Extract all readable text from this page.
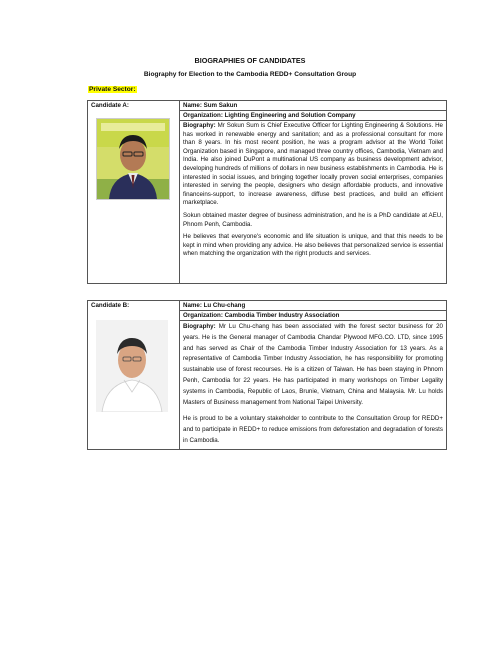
BIOGRAPHIES OF CANDIDATES
Biography for Election to the Cambodia REDD+ Consultation Group
Private Sector:
Candidate A:	Name: Sum Sakun
Organization: Lighting Engineering and Solution Company

Biography: Mr Sokun Sum is Chief Executive Officer for Lighting Engineering & Solutions. He has worked in renewable energy and sanitation; and as a professional consultant for more than 8 years. In his most recent position, he was a program advisor at the World Toilet Organization based in Singapore, and managed three country offices, Cambodia, Vietnam and India. He also joined DuPont a multinational US company as business development advisor, developing hundreds of millions of dollars in new business establishments in Cambodia. He is interested in social issues, and bringing together locally proven social enterprises, companies interested in serving the people, designers who design affordable products, and innovative financeins-support, to increase awareness, diffuse best practices, and build an efficient marketplace.

Sokun obtained master degree of business administration, and he is a PhD candidate at AEU, Phnom Penh, Cambodia.

He believes that everyone's economic and life situation is unique, and that this needs to be kept in mind when providing any advice. He also believes that personalized service is essential when matching the organization with the right products and services.

Candidate B:	Name: Lu Chu-chang
Organization: Cambodia Timber Industry Association

Biography: Mr Lu Chu-chang has been associated with the forest sector business for 20 years. He is the General manager of Cambodia Chandar Plywood MFG.CO. LTD, since 1995 and has served as Chair of the Cambodia Timber Industry Association for 13 years. As a representative of Cambodia Timber Industry Association, he has responsibility for promoting sustainable use of forest recourses. He is a citizen of Taiwan. He has been staying in Phnom Penh, Cambodia for 22 years. He has participated in many workshops on Timber Legality systems in Cambodia, Republic of Laos, Brunie, Vietnam, China and Malaysia. Mr. Lu holds Masters of Business management from National Taipei University.

He is proud to be a voluntary stakeholder to contribute to the Consultation Group for REDD+ and to participate in REDD+ to reduce emissions from deforestation and degradation of forests in Cambodia.
